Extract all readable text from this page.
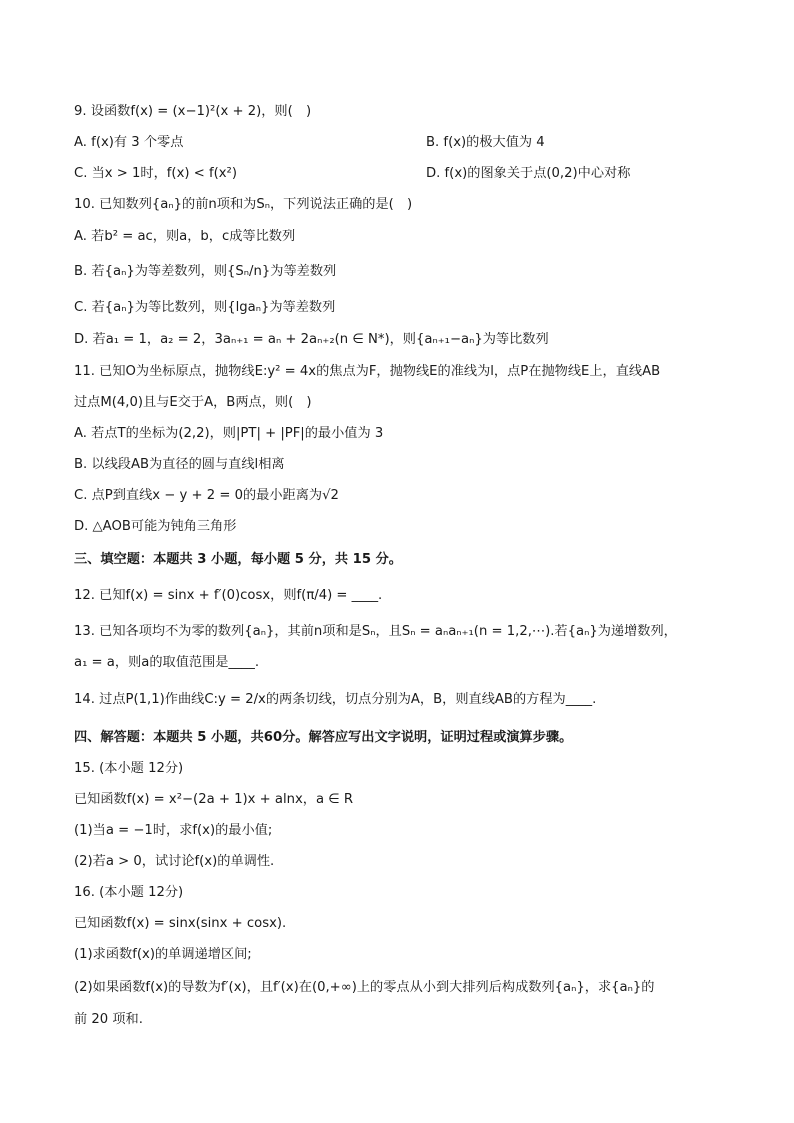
9. 设函数f(x) = (x−1)²(x + 2)，则(　)
A. f(x)有 3 个零点	B. f(x)的极大值为 4
C. 当x > 1时，f(x) < f(x²)	D. f(x)的图象关于点(0,2)中心对称
10. 已知数列{aₙ}的前n项和为Sₙ，下列说法正确的是(　)
A. 若b² = ac，则a，b，c成等比数列
B. 若{aₙ}为等差数列，则{Sₙ/n}为等差数列
C. 若{aₙ}为等比数列，则{lgaₙ}为等差数列
D. 若a₁ = 1，a₂ = 2，3aₙ₊₁ = aₙ + 2aₙ₊₂(n ∈ N*)，则{aₙ₊₁−aₙ}为等比数列
11. 已知O为坐标原点，抛物线E:y² = 4x的焦点为F，抛物线E的准线为l，点P在抛物线E上，直线AB
过点M(4,0)且与E交于A，B两点，则(　)
A. 若点T的坐标为(2,2)，则|PT| + |PF|的最小值为 3
B. 以线段AB为直径的圆与直线l相离
C. 点P到直线x − y + 2 = 0的最小距离为√2
D. △AOB可能为钝角三角形
三、填空题：本题共 3 小题，每小题 5 分，共 15 分。
12. 已知f(x) = sinx + f′(0)cosx，则f(π/4) = ____.
13. 已知各项均不为零的数列{aₙ}，其前n项和是Sₙ，且Sₙ = aₙaₙ₊₁(n = 1,2,⋯).若{aₙ}为递增数列，
a₁ = a，则a的取值范围是____.
14. 过点P(1,1)作曲线C:y = 2/x的两条切线，切点分别为A，B，则直线AB的方程为____.
四、解答题：本题共 5 小题，共60分。解答应写出文字说明，证明过程或演算步骤。
15. (本小题 12分)
已知函数f(x) = x²−(2a + 1)x + alnx，a ∈ R
(1)当a = −1时，求f(x)的最小值;
(2)若a > 0，试讨论f(x)的单调性.
16. (本小题 12分)
已知函数f(x) = sinx(sinx + cosx).
(1)求函数f(x)的单调递增区间;
(2)如果函数f(x)的导数为f′(x)，且f′(x)在(0,+∞)上的零点从小到大排列后构成数列{aₙ}，求{aₙ}的
前 20 项和.
